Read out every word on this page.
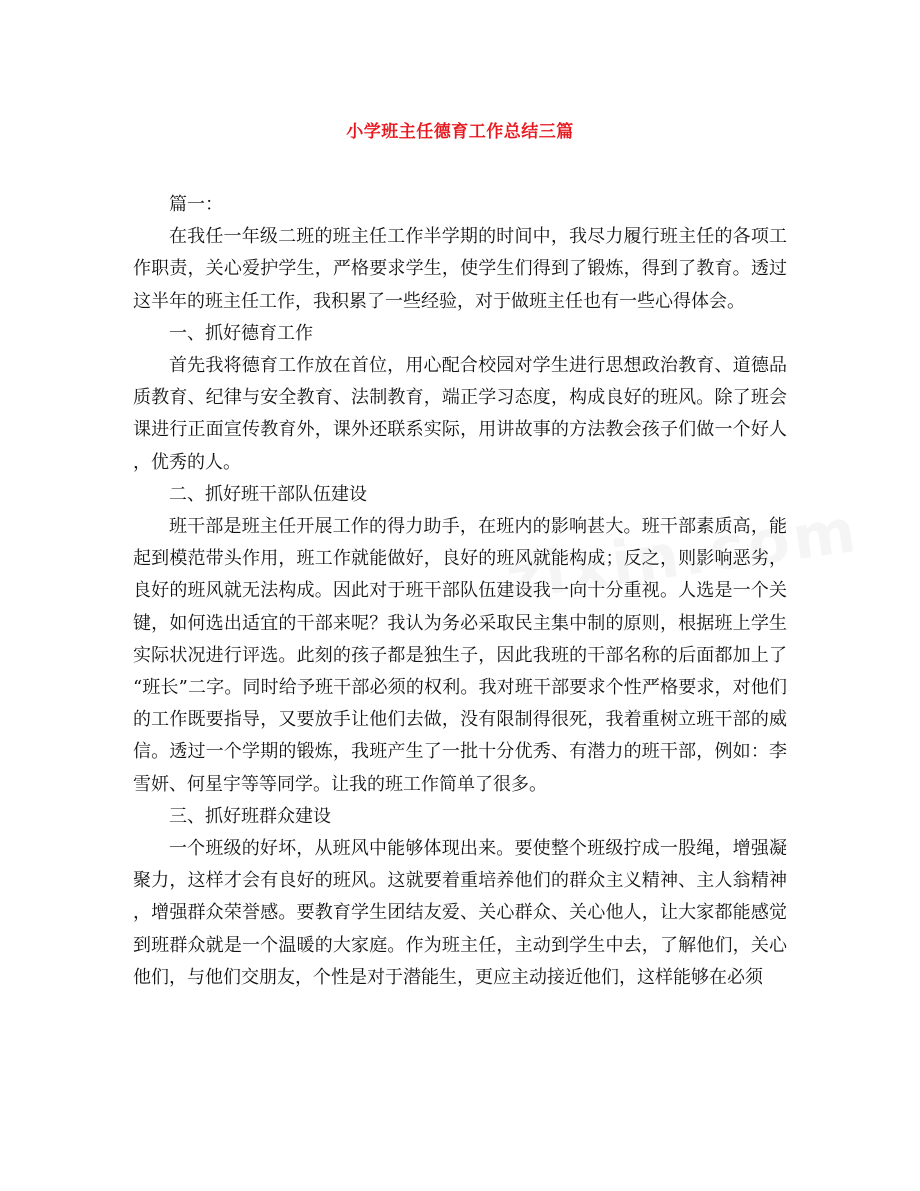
小学班主任德育工作总结三篇

篇一：

在我任一年级二班的班主任工作半学期的时间中，我尽力履行班主任的各项工作职责，关心爱护学生，严格要求学生，使学生们得到了锻炼，得到了教育。透过这半年的班主任工作，我积累了一些经验，对于做班主任也有一些心得体会。

一、抓好德育工作

首先我将德育工作放在首位，用心配合校园对学生进行思想政治教育、道德品质教育、纪律与安全教育、法制教育，端正学习态度，构成良好的班风。除了班会课进行正面宣传教育外，课外还联系实际，用讲故事的方法教会孩子们做一个好人，优秀的人。

二、抓好班干部队伍建设

班干部是班主任开展工作的得力助手，在班内的影响甚大。班干部素质高，能起到模范带头作用，班工作就能做好，良好的班风就能构成；反之，则影响恶劣，良好的班风就无法构成。因此对于班干部队伍建设我一向十分重视。人选是一个关键，如何选出适宜的干部来呢？我认为务必采取民主集中制的原则，根据班上学生实际状况进行评选。此刻的孩子都是独生子，因此我班的干部名称的后面都加上了“班长”二字。同时给予班干部必须的权利。我对班干部要求个性严格要求，对他们的工作既要指导，又要放手让他们去做，没有限制得很死，我着重树立班干部的威信。透过一个学期的锻炼，我班产生了一批十分优秀、有潜力的班干部，例如：李雪妍、何星宇等等同学。让我的班工作简单了很多。

三、抓好班群众建设

一个班级的好坏，从班风中能够体现出来。要使整个班级拧成一股绳，增强凝聚力，这样才会有良好的班风。这就要着重培养他们的群众主义精神、主人翁精神，增强群众荣誉感。要教育学生团结友爱、关心群众、关心他人，让大家都能感觉到班群众就是一个温暖的大家庭。作为班主任，主动到学生中去，了解他们，关心他们，与他们交朋友，个性是对于潜能生，更应主动接近他们，这样能够在必须
